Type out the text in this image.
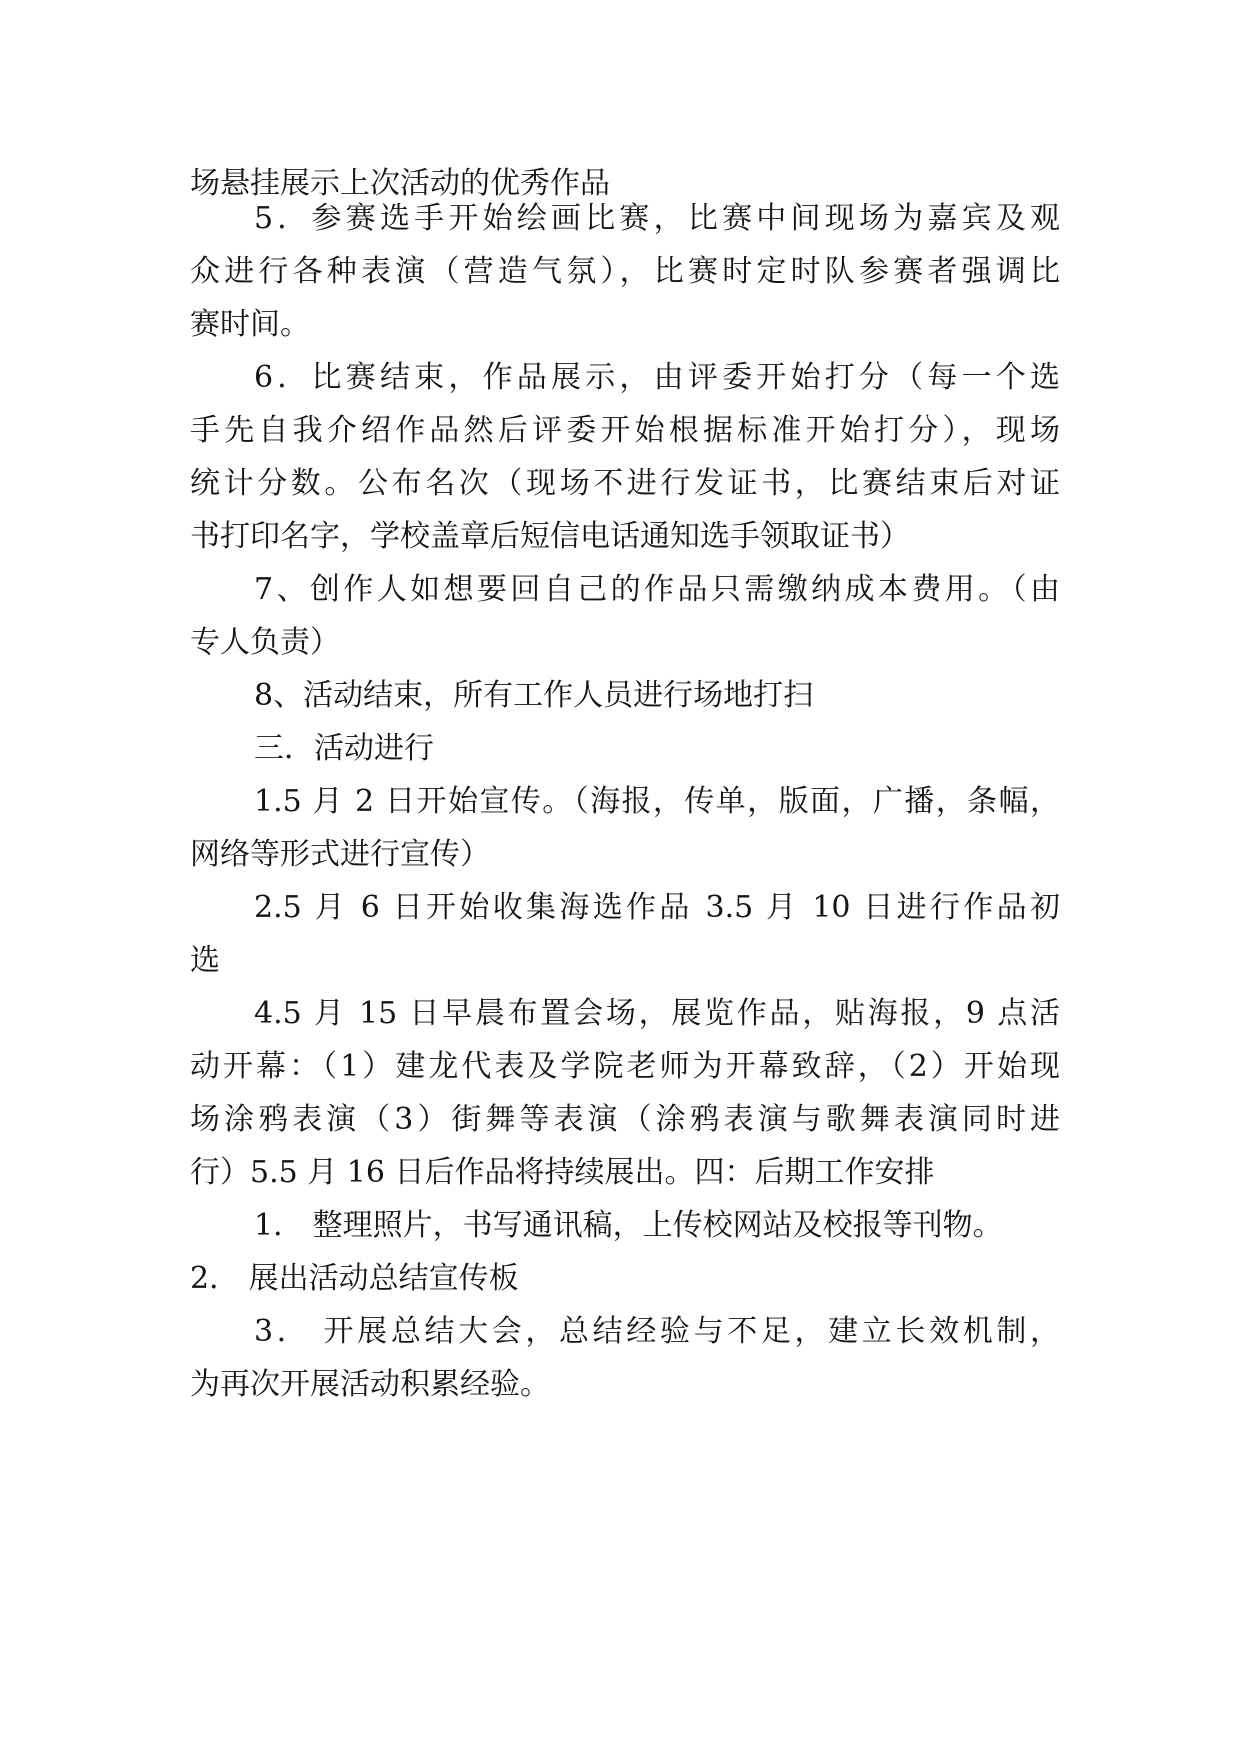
场悬挂展示上次活动的优秀作品
5．参赛选手开始绘画比赛，比赛中间现场为嘉宾及观
众进行各种表演（营造气氛），比赛时定时队参赛者强调比
赛时间。
6．比赛结束，作品展示，由评委开始打分（每一个选
手先自我介绍作品然后评委开始根据标准开始打分），现场
统计分数。公布名次（现场不进行发证书，比赛结束后对证
书打印名字，学校盖章后短信电话通知选手领取证书）
7、创作人如想要回自己的作品只需缴纳成本费用。（由
专人负责）
8、活动结束，所有工作人员进行场地打扫
三．活动进行
1.5 月 2 日开始宣传。（海报，传单，版面，广播，条幅，
网络等形式进行宣传）
2.5 月 6 日开始收集海选作品 3.5 月 10 日进行作品初
选
4.5 月 15 日早晨布置会场，展览作品，贴海报，9 点活
动开幕：（1）建龙代表及学院老师为开幕致辞，（2）开始现
场涂鸦表演（3）街舞等表演（涂鸦表演与歌舞表演同时进
行）5.5 月 16 日后作品将持续展出。四：后期工作安排
1． 整理照片，书写通讯稿，上传校网站及校报等刊物。
2． 展出活动总结宣传板
3． 开展总结大会，总结经验与不足，建立长效机制，
为再次开展活动积累经验。
